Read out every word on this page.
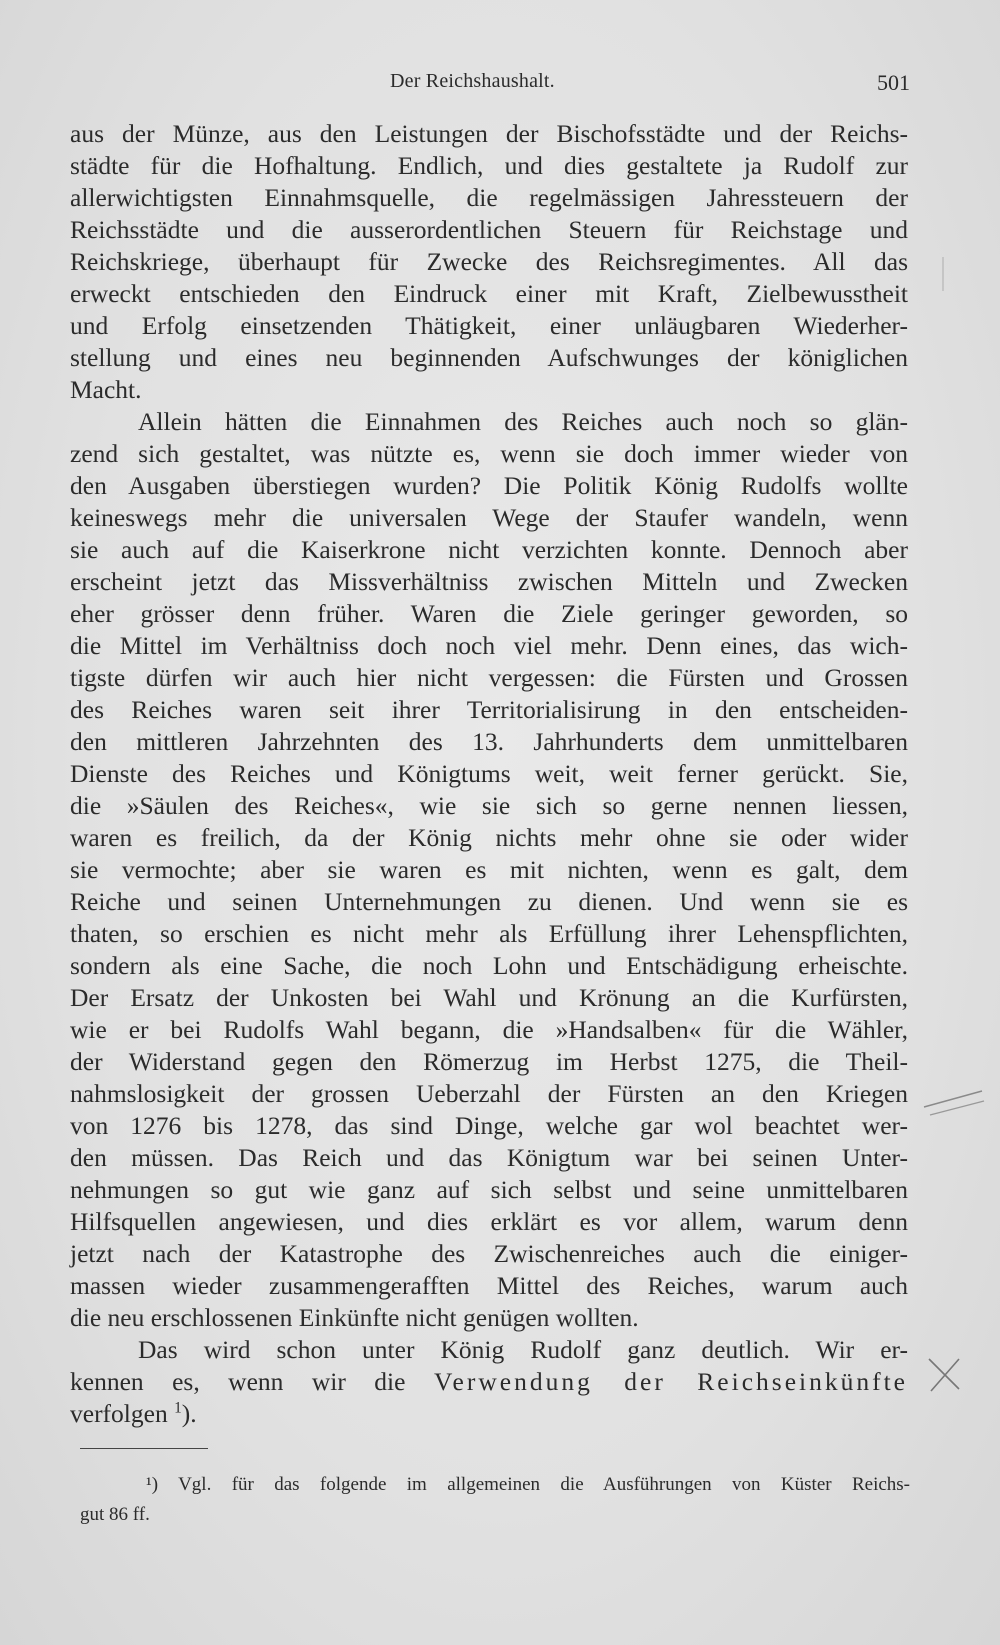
Der Reichshaushalt.	501
aus der Münze, aus den Leistungen der Bischofsstädte und der Reichs-
städte für die Hofhaltung. Endlich, und dies gestaltete ja Rudolf zur
allerwichtigsten Einnahmsquelle, die regelmässigen Jahressteuern der
Reichsstädte und die ausserordentlichen Steuern für Reichstage und
Reichskriege, überhaupt für Zwecke des Reichsregimentes. All das
erweckt entschieden den Eindruck einer mit Kraft, Zielbewusstheit
und Erfolg einsetzenden Thätigkeit, einer unläugbaren Wiederher-
stellung und eines neu beginnenden Aufschwunges der königlichen
Macht.
Allein hätten die Einnahmen des Reiches auch noch so glän-
zend sich gestaltet, was nützte es, wenn sie doch immer wieder von
den Ausgaben überstiegen wurden? Die Politik König Rudolfs wollte
keineswegs mehr die universalen Wege der Staufer wandeln, wenn
sie auch auf die Kaiserkrone nicht verzichten konnte. Dennoch aber
erscheint jetzt das Missverhältniss zwischen Mitteln und Zwecken
eher grösser denn früher. Waren die Ziele geringer geworden, so
die Mittel im Verhältniss doch noch viel mehr. Denn eines, das wich-
tigste dürfen wir auch hier nicht vergessen: die Fürsten und Grossen
des Reiches waren seit ihrer Territorialisirung in den entscheiden-
den mittleren Jahrzehnten des 13. Jahrhunderts dem unmittelbaren
Dienste des Reiches und Königtums weit, weit ferner gerückt. Sie,
die »Säulen des Reiches«, wie sie sich so gerne nennen liessen,
waren es freilich, da der König nichts mehr ohne sie oder wider
sie vermochte; aber sie waren es mit nichten, wenn es galt, dem
Reiche und seinen Unternehmungen zu dienen. Und wenn sie es
thaten, so erschien es nicht mehr als Erfüllung ihrer Lehenspflichten,
sondern als eine Sache, die noch Lohn und Entschädigung erheischte.
Der Ersatz der Unkosten bei Wahl und Krönung an die Kurfürsten,
wie er bei Rudolfs Wahl begann, die »Handsalben« für die Wähler,
der Widerstand gegen den Römerzug im Herbst 1275, die Theil-
nahmslosigkeit der grossen Ueberzahl der Fürsten an den Kriegen
von 1276 bis 1278, das sind Dinge, welche gar wol beachtet wer-
den müssen. Das Reich und das Königtum war bei seinen Unter-
nehmungen so gut wie ganz auf sich selbst und seine unmittelbaren
Hilfsquellen angewiesen, und dies erklärt es vor allem, warum denn
jetzt nach der Katastrophe des Zwischenreiches auch die einiger-
massen wieder zusammengerafften Mittel des Reiches, warum auch
die neu erschlossenen Einkünfte nicht genügen wollten.
Das wird schon unter König Rudolf ganz deutlich. Wir er-
kennen es, wenn wir die Verwendung der Reichseinkünfte
verfolgen $^1$).
¹) Vgl. für das folgende im allgemeinen die Ausführungen von Küster Reichs-
gut 86 ff.
